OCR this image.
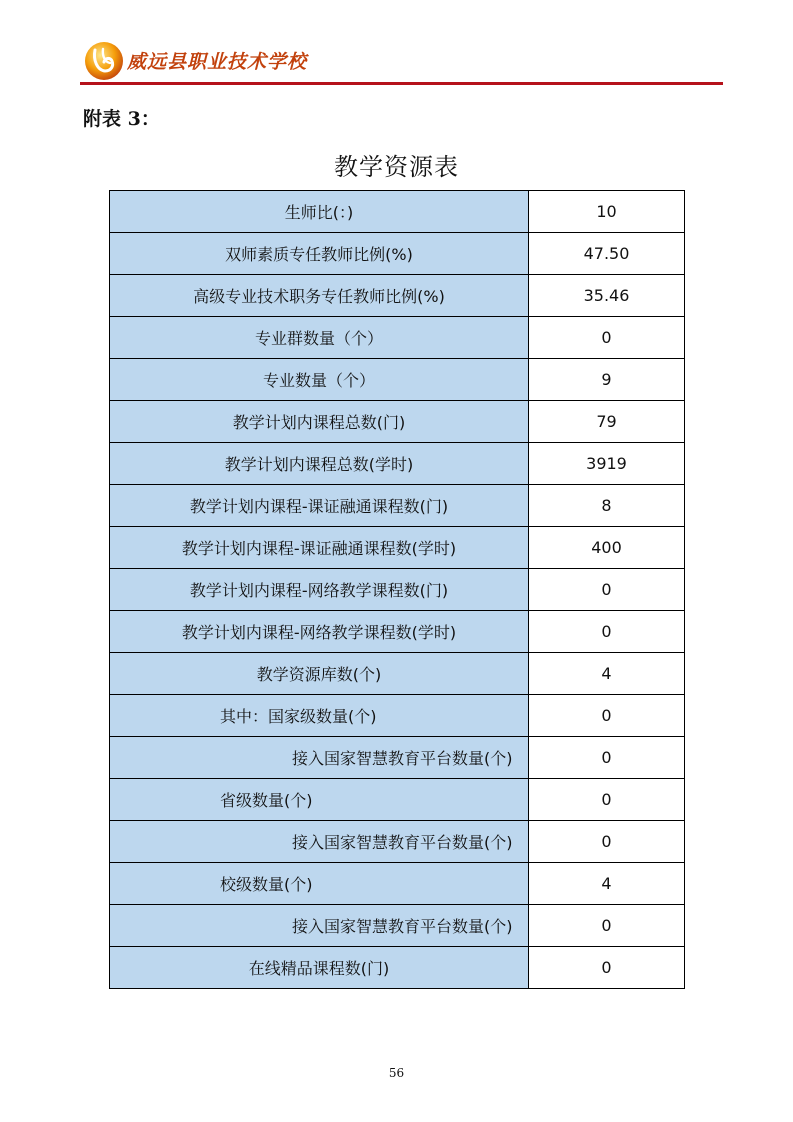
威远县职业技术学校
附表 3：
教学资源表
生师比(：)	10
双师素质专任教师比例(%)	47.50
高级专业技术职务专任教师比例(%)	35.46
专业群数量（个）	0
专业数量（个）	9
教学计划内课程总数(门)	79
教学计划内课程总数(学时)	3919
教学计划内课程-课证融通课程数(门)	8
教学计划内课程-课证融通课程数(学时)	400
教学计划内课程-网络教学课程数(门)	0
教学计划内课程-网络教学课程数(学时)	0
教学资源库数(个)	4
其中：国家级数量(个)	0
接入国家智慧教育平台数量(个)	0
省级数量(个)	0
接入国家智慧教育平台数量(个)	0
校级数量(个)	4
接入国家智慧教育平台数量(个)	0
在线精品课程数(门)	0
56
